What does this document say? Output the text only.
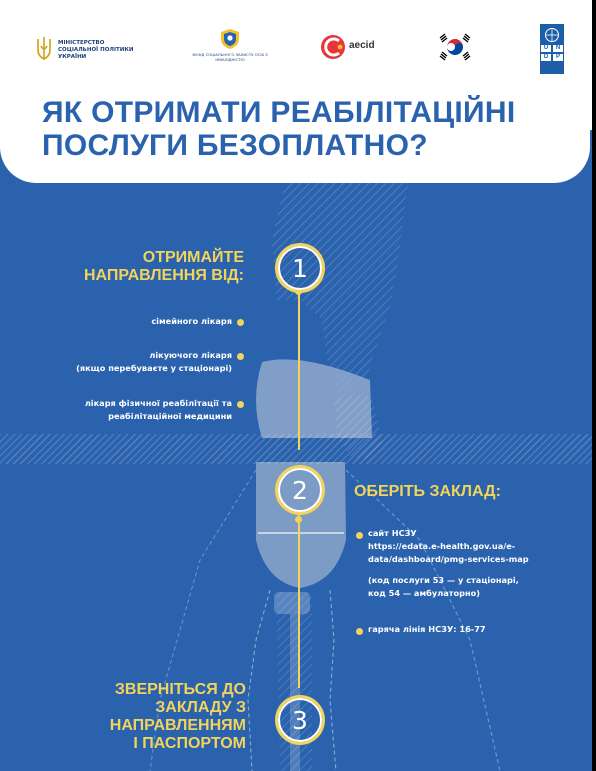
МІНІСТЕРСТВО СОЦІАЛЬНОЇ ПОЛІТИКИ УКРАЇНИ	ФОНД СОЦІАЛЬНОГО ЗАХИСТУ ОСІБ З ІНВАЛІДНІСТЮ
aecid	U	N
D	P
ЯК ОТРИМАТИ РЕАБІЛІТАЦІЙНІ
ПОСЛУГИ БЕЗОПЛАТНО?
1
2
3
ОТРИМАЙТЕ
НАПРАВЛЕННЯ ВІД:
сімейного лікаря
лікуючого лікаря
(якщо перебуваєте у стаціонарі)
лікаря фізичної реабілітації та
реабілітаційної медицини
ОБЕРІТЬ ЗАКЛАД:
сайт НСЗУ
https://edata.e-health.gov.ua/e-
data/dashboard/pmg-services-map
(код послуги 53 — у стаціонарі,
код 54 — амбулаторно)
гаряча лінія НСЗУ: 16-77
ЗВЕРНІТЬСЯ ДО
ЗАКЛАДУ З
НАПРАВЛЕННЯМ
І ПАСПОРТОМ
